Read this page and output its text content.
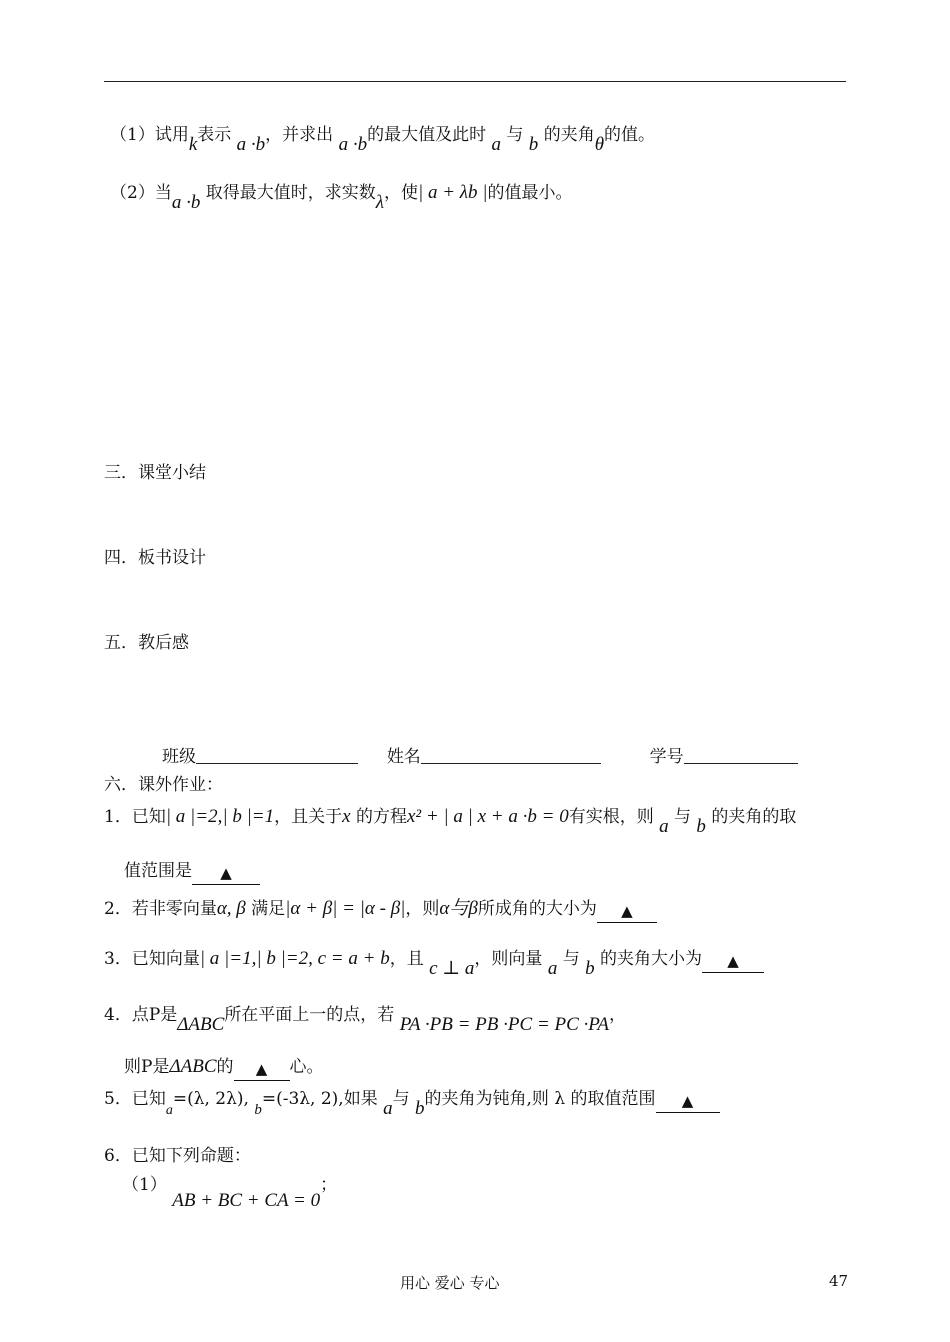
（1）试用k表示 a ·b，并求出 a ·b的最大值及此时 a 与 b 的夹角θ的值。
（2）当a ·b 取得最大值时，求实数λ，使| a + λb |的值最小。
三．课堂小结
四．板书设计
五．教后感
班级	姓名	学号
六．课外作业：
1．已知| a |=2,| b |=1，且关于x 的方程x² + | a | x + a ·b = 0有实根，则 a 与 b 的夹角的取
值范围是 ▲
2．若非零向量α, β 满足|α + β| = |α - β|，则α与β所成角的大小为 ▲
3．已知向量| a |=1,| b |=2, c = a + b，且 c ⊥ a，则向量 a 与 b 的夹角大小为 ▲
4．点P是ΔABC所在平面上一的点，若 PA ·PB = PB ·PC = PC ·PA，
则P是ΔABC的 ▲ 心。
5．已知$_a$=(λ, 2λ), b=(-3λ, 2),如果 a与 b的夹角为钝角,则 λ 的取值范围 ▲
6．已知下列命题：
（1） AB + BC + CA = 0；
用心 爱心 专心	47
